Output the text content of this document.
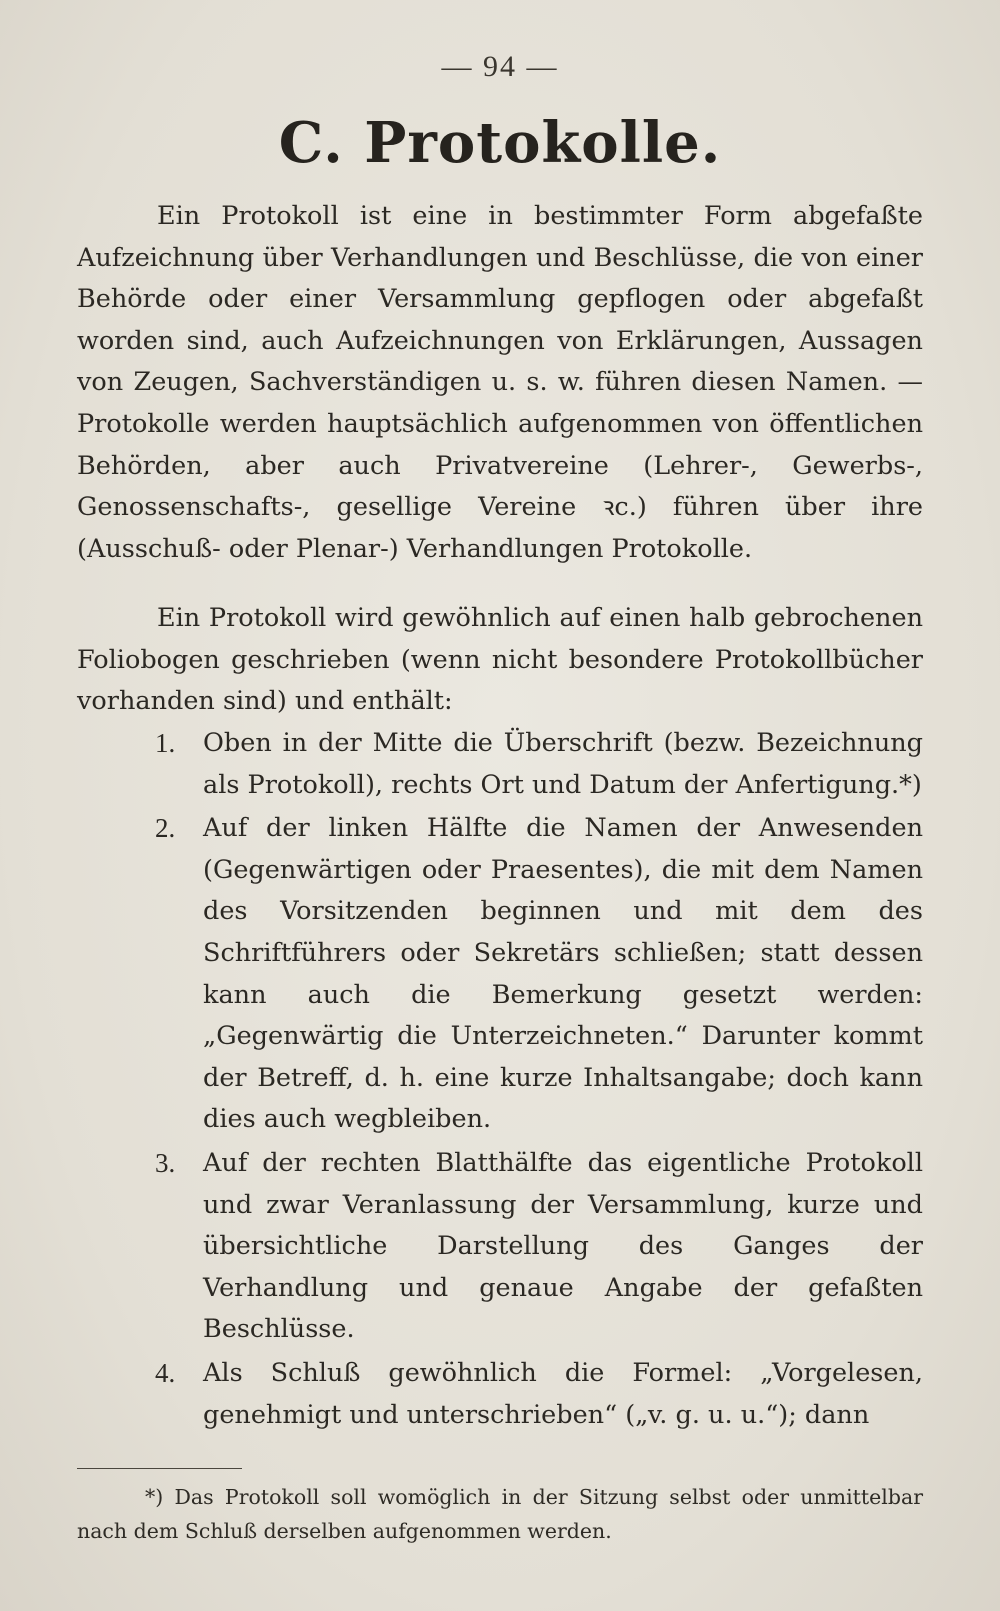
— 94 —
C. Protokolle.

Ein Protokoll ist eine in bestimmter Form abgefaßte Aufzeichnung über Verhandlungen und Beschlüsse, die von einer Behörde oder einer Versammlung gepflogen oder abgefaßt worden sind, auch Aufzeichnungen von Erklärungen, Aussagen von Zeugen, Sachverständigen u. s. w. führen diesen Namen. — Protokolle werden hauptsächlich aufgenommen von öffentlichen Behörden, aber auch Privatvereine (Lehrer-, Gewerbs-, Genossenschafts-, gesellige Vereine ꝛc.) führen über ihre (Ausschuß- oder Plenar-) Verhandlungen Protokolle.

Ein Protokoll wird gewöhnlich auf einen halb gebrochenen Foliobogen geschrieben (wenn nicht besondere Protokollbücher vorhanden sind) und enthält:

1.	Oben in der Mitte die Überschrift (bezw. Bezeichnung als Protokoll), rechts Ort und Datum der Anfertigung.*)
2.	Auf der linken Hälfte die Namen der Anwesenden (Gegenwärtigen oder Praesentes), die mit dem Namen des Vorsitzenden beginnen und mit dem des Schriftführers oder Sekretärs schließen; statt dessen kann auch die Bemerkung gesetzt werden: „Gegenwärtig die Unterzeichneten.“ Darunter kommt der Betreff, d. h. eine kurze Inhaltsangabe; doch kann dies auch wegbleiben.
3.	Auf der rechten Blatthälfte das eigentliche Protokoll und zwar Veranlassung der Versammlung, kurze und übersichtliche Darstellung des Ganges der Verhandlung und genaue Angabe der gefaßten Beschlüsse.
4.	Als Schluß gewöhnlich die Formel: „Vorgelesen, genehmigt und unterschrieben“ („v. g. u. u.“); dann

*) Das Protokoll soll womöglich in der Sitzung selbst oder unmittelbar nach dem Schluß derselben aufgenommen werden.
